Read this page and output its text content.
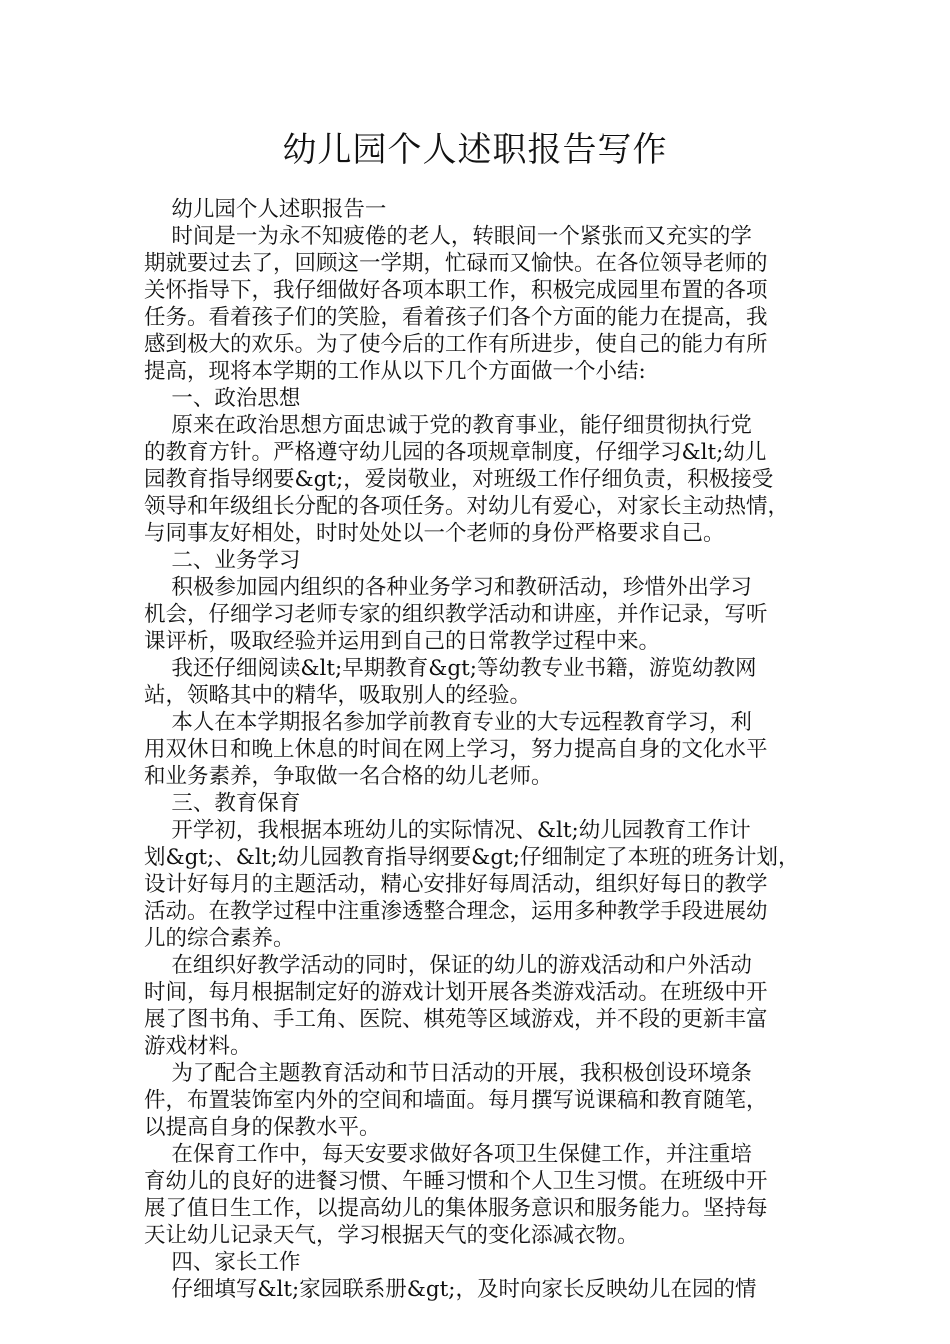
幼儿园个人述职报告写作
幼儿园个人述职报告一
时间是一为永不知疲倦的老人，转眼间一个紧张而又充实的学
期就要过去了，回顾这一学期，忙碌而又愉快。在各位领导老师的
关怀指导下，我仔细做好各项本职工作，积极完成园里布置的各项
任务。看着孩子们的笑脸，看着孩子们各个方面的能力在提高，我
感到极大的欢乐。为了使今后的工作有所进步，使自己的能力有所
提高，现将本学期的工作从以下几个方面做一个小结:
一、政治思想
原来在政治思想方面忠诚于党的教育事业，能仔细贯彻执行党
的教育方针。严格遵守幼儿园的各项规章制度，仔细学习&lt;幼儿
园教育指导纲要&gt;，爱岗敬业，对班级工作仔细负责，积极接受
领导和年级组长分配的各项任务。对幼儿有爱心，对家长主动热情，
与同事友好相处，时时处处以一个老师的身份严格要求自己。
二、业务学习
积极参加园内组织的各种业务学习和教研活动，珍惜外出学习
机会，仔细学习老师专家的组织教学活动和讲座，并作记录，写听
课评析，吸取经验并运用到自己的日常教学过程中来。
我还仔细阅读&lt;早期教育&gt;等幼教专业书籍，游览幼教网
站，领略其中的精华，吸取别人的经验。
本人在本学期报名参加学前教育专业的大专远程教育学习，利
用双休日和晚上休息的时间在网上学习，努力提高自身的文化水平
和业务素养，争取做一名合格的幼儿老师。
三、教育保育
开学初，我根据本班幼儿的实际情况、&lt;幼儿园教育工作计
划&gt;、&lt;幼儿园教育指导纲要&gt;仔细制定了本班的班务计划，
设计好每月的主题活动，精心安排好每周活动，组织好每日的教学
活动。在教学过程中注重渗透整合理念，运用多种教学手段进展幼
儿的综合素养。
在组织好教学活动的同时，保证的幼儿的游戏活动和户外活动
时间，每月根据制定好的游戏计划开展各类游戏活动。在班级中开
展了图书角、手工角、医院、棋苑等区域游戏，并不段的更新丰富
游戏材料。
为了配合主题教育活动和节日活动的开展，我积极创设环境条
件，布置装饰室内外的空间和墙面。每月撰写说课稿和教育随笔，
以提高自身的保教水平。
在保育工作中，每天安要求做好各项卫生保健工作，并注重培
育幼儿的良好的进餐习惯、午睡习惯和个人卫生习惯。在班级中开
展了值日生工作，以提高幼儿的集体服务意识和服务能力。坚持每
天让幼儿记录天气，学习根据天气的变化添减衣物。
四、家长工作
仔细填写&lt;家园联系册&gt;，及时向家长反映幼儿在园的情
